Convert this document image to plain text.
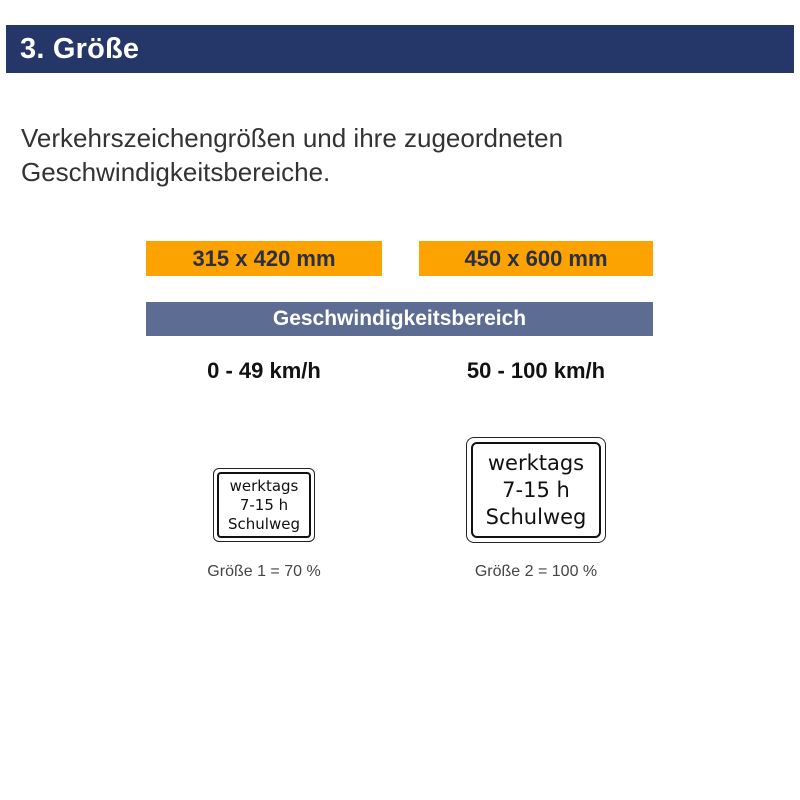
3. Größe
Verkehrszeichengrößen und ihre zugeordneten
Geschwindigkeitsbereiche.
315 x 420 mm	450 x 600 mm
Geschwindigkeitsbereich
0 - 49 km/h	50 - 100 km/h
werktags
7-15 h
Schulweg
werktags
7-15 h
Schulweg
Größe 1 = 70 %	Größe 2 = 100 %
